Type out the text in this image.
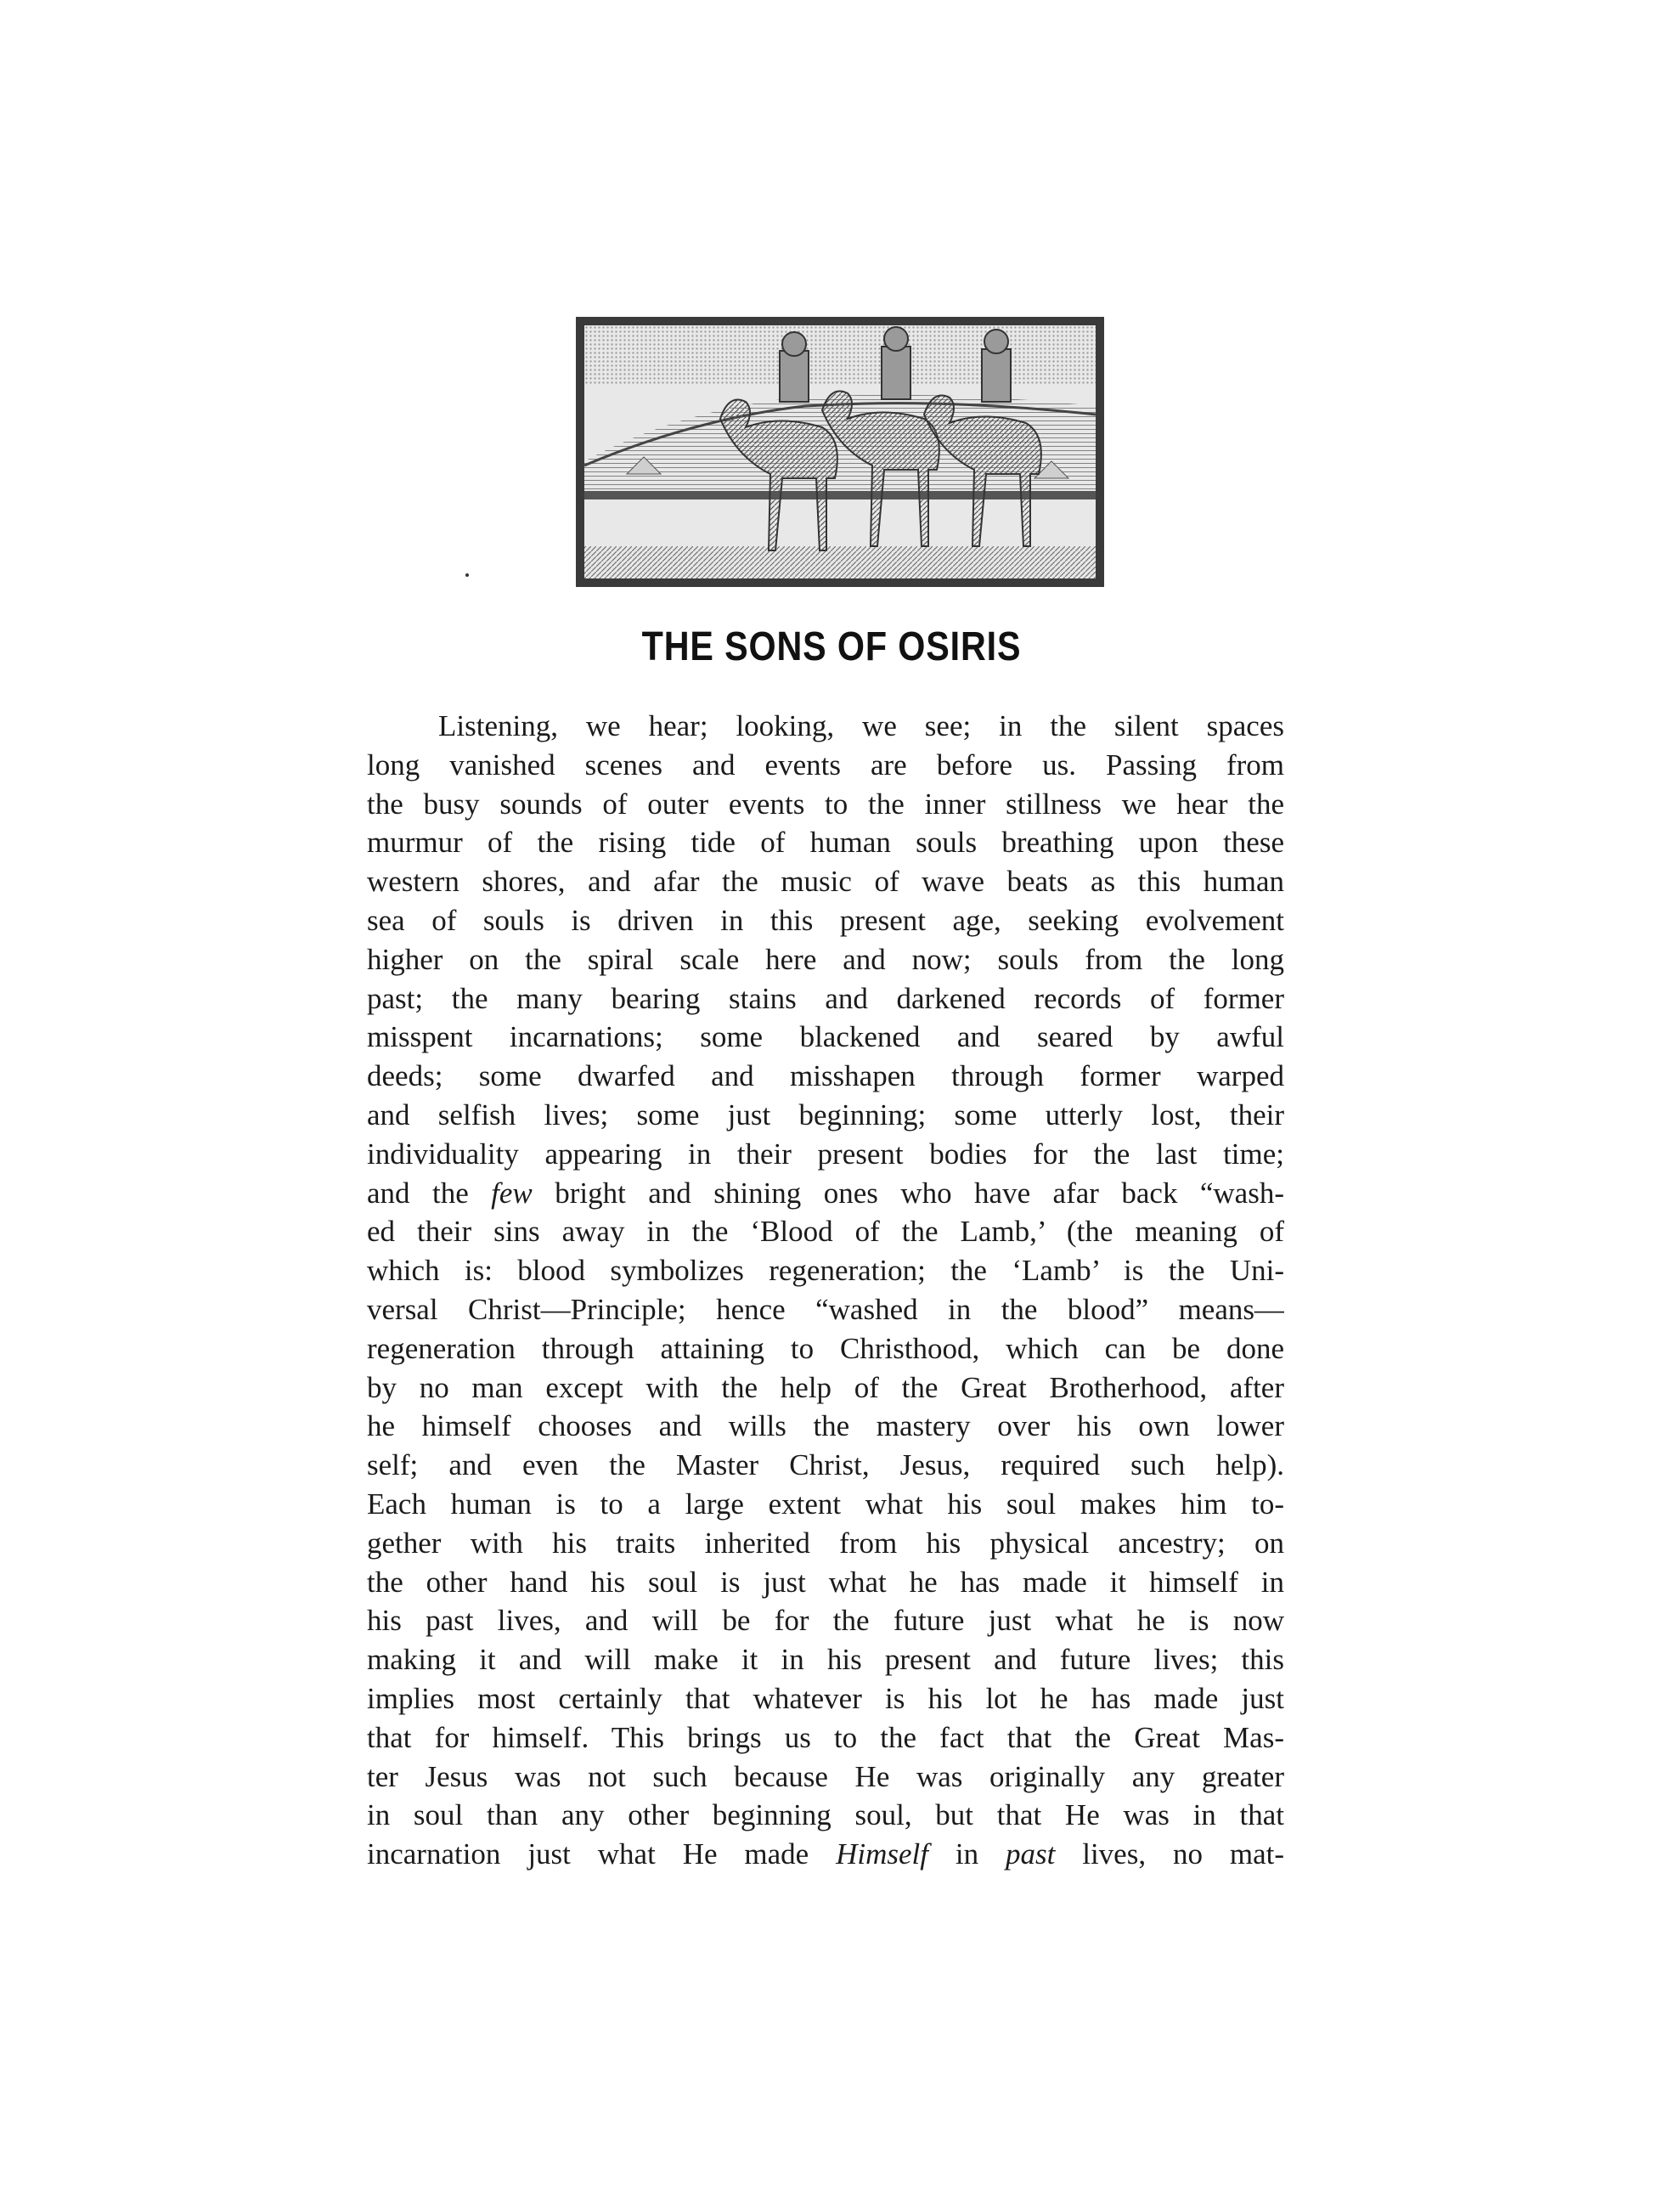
THE SONS OF OSIRIS
Listening, we hear; looking, we see; in the silent spaces
long vanished scenes and events are before us. Passing from
the busy sounds of outer events to the inner stillness we hear the
murmur of the rising tide of human souls breathing upon these
western shores, and afar the music of wave beats as this human
sea of souls is driven in this present age, seeking evolvement
higher on the spiral scale here and now; souls from the long
past; the many bearing stains and darkened records of former
misspent incarnations; some blackened and seared by awful
deeds; some dwarfed and misshapen through former warped
and selfish lives; some just beginning; some utterly lost, their
individuality appearing in their present bodies for the last time;
and the few bright and shining ones who have afar back “wash-
ed their sins away in the ‘Blood of the Lamb,’ (the meaning of
which is: blood symbolizes regeneration; the ‘Lamb’ is the Uni-
versal Christ—Principle; hence “washed in the blood” means—
regeneration through attaining to Christhood, which can be done
by no man except with the help of the Great Brotherhood, after
he himself chooses and wills the mastery over his own lower
self; and even the Master Christ, Jesus, required such help).
Each human is to a large extent what his soul makes him to-
gether with his traits inherited from his physical ancestry; on
the other hand his soul is just what he has made it himself in
his past lives, and will be for the future just what he is now
making it and will make it in his present and future lives; this
implies most certainly that whatever is his lot he has made just
that for himself. This brings us to the fact that the Great Mas-
ter Jesus was not such because He was originally any greater
in soul than any other beginning soul, but that He was in that
incarnation just what He made Himself in past lives, no mat-
